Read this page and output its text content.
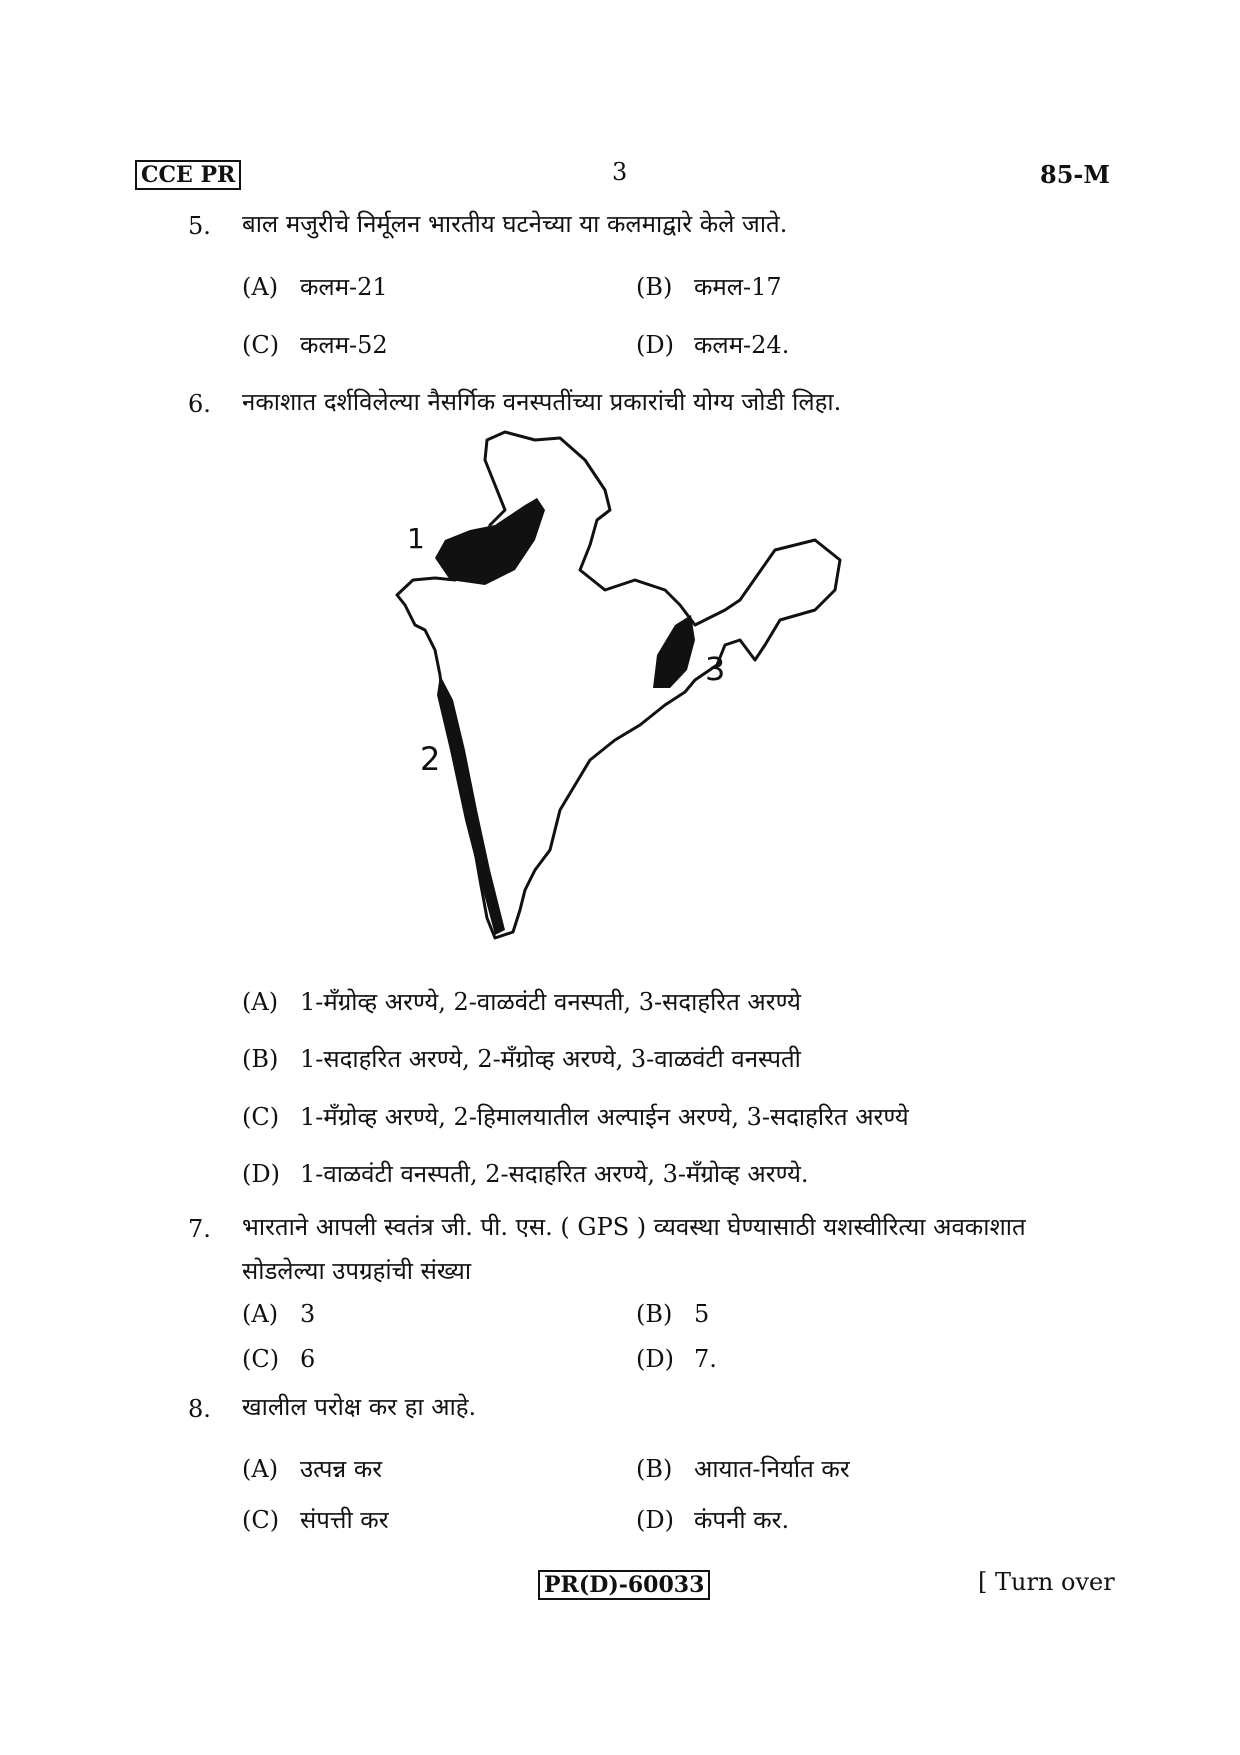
CCE PR	3	85-M
5. बाल मजुरीचे निर्मूलन भारतीय घटनेच्या या कलमाद्वारे केले जाते.
(A) कलम-21	(B) कमल-17
(C) कलम-52	(D) कलम-24.
6. नकाशात दर्शविलेल्या नैसर्गिक वनस्पतींच्या प्रकारांची योग्य जोडी लिहा.
1
2
3
(A) 1-मँग्रोव्ह अरण्ये, 2-वाळवंटी वनस्पती, 3-सदाहरित अरण्ये
(B) 1-सदाहरित अरण्ये, 2-मँग्रोव्ह अरण्ये, 3-वाळवंटी वनस्पती
(C) 1-मँग्रोव्ह अरण्ये, 2-हिमालयातील अल्पाईन अरण्ये, 3-सदाहरित अरण्ये
(D) 1-वाळवंटी वनस्पती, 2-सदाहरित अरण्ये, 3-मँग्रोव्ह अरण्ये.
7. भारताने आपली स्वतंत्र जी. पी. एस. ( GPS ) व्यवस्था घेण्यासाठी यशस्वीरित्या अवकाशात
सोडलेल्या उपग्रहांची संख्या
(A) 3	(B) 5
(C) 6	(D) 7.
8. खालील परोक्ष कर हा आहे.
(A) उत्पन्न कर	(B) आयात-निर्यात कर
(C) संपत्ती कर	(D) कंपनी कर.
PR(D)-60033	[ Turn over
